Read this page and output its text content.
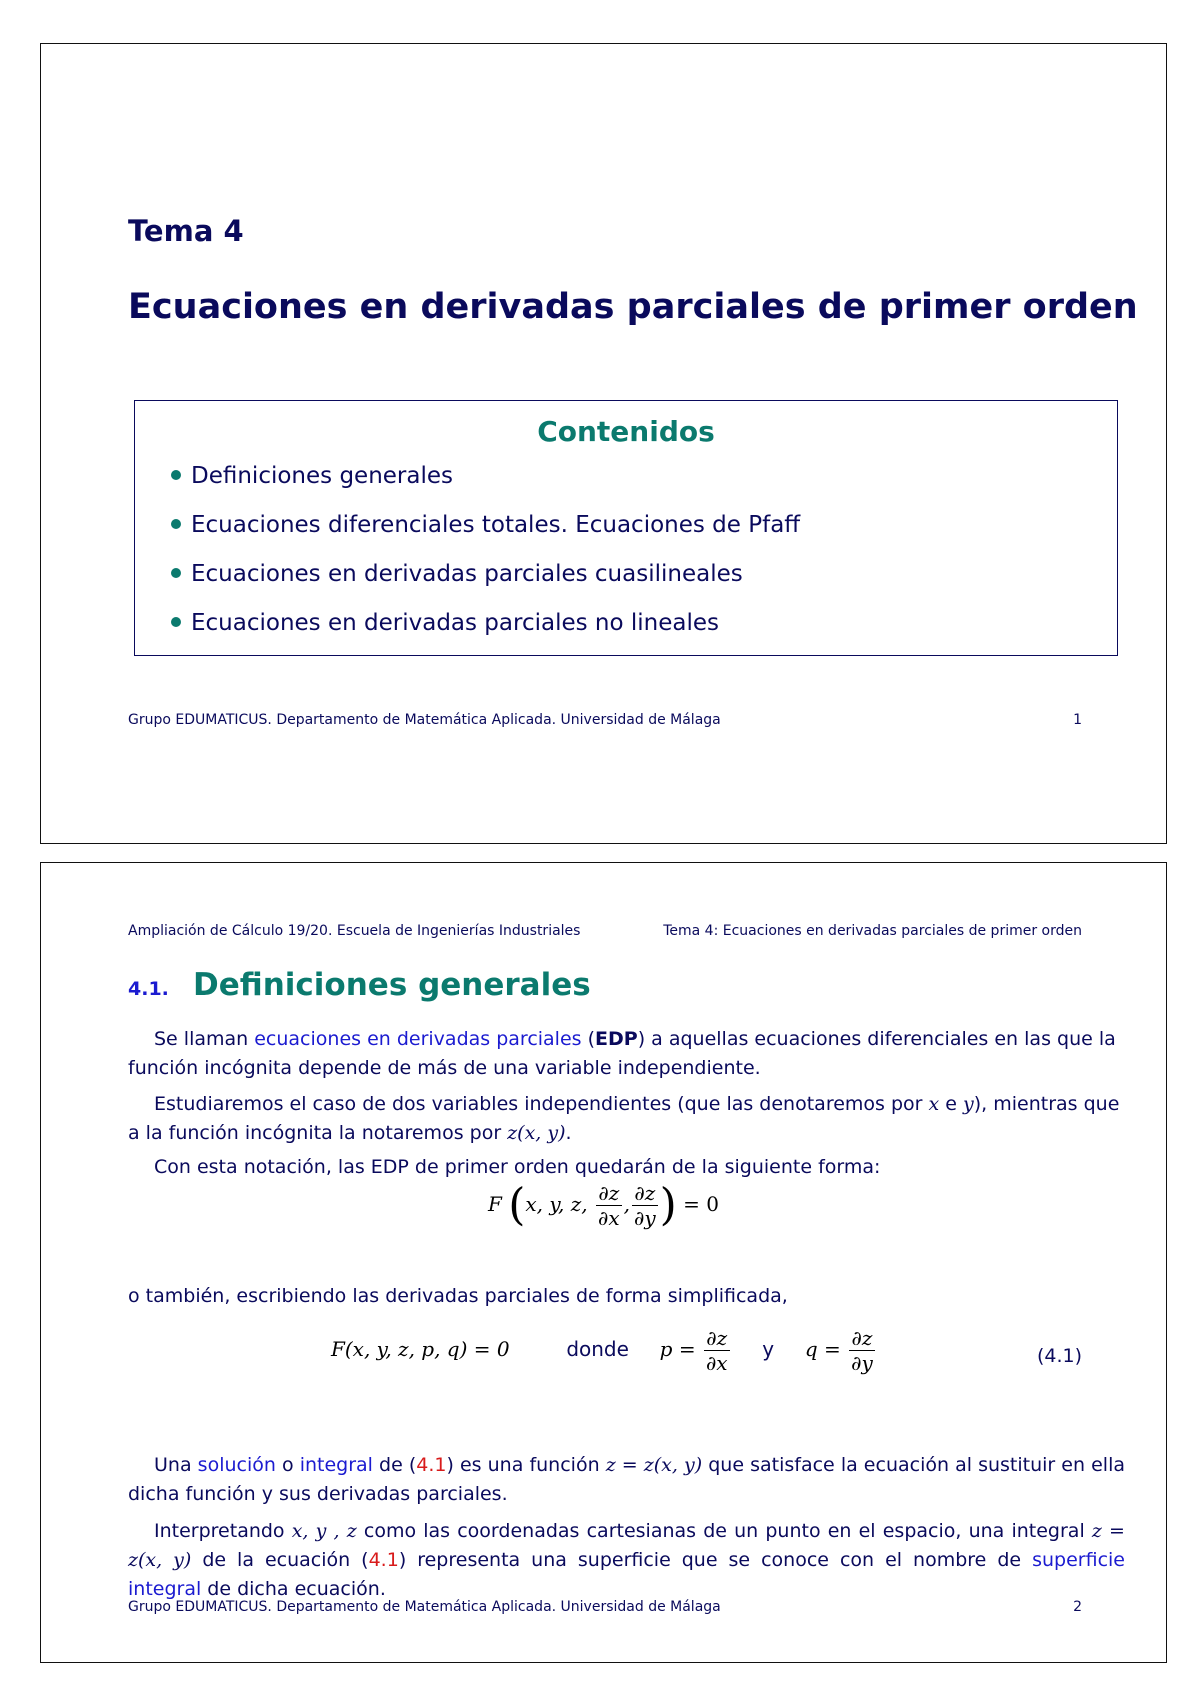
Tema 4
Ecuaciones en derivadas parciales de primer orden
Contenidos
Definiciones generales
Ecuaciones diferenciales totales. Ecuaciones de Pfaff
Ecuaciones en derivadas parciales cuasilineales
Ecuaciones en derivadas parciales no lineales
Grupo EDUMATICUS. Departamento de Matemática Aplicada. Universidad de Málaga	1
Ampliación de Cálculo 19/20. Escuela de Ingenierías Industriales	Tema 4: Ecuaciones en derivadas parciales de primer orden
4.1. Definiciones generales

Se llaman ecuaciones en derivadas parciales (EDP) a aquellas ecuaciones diferenciales en las que la función incógnita depende de más de una variable independiente.

Estudiaremos el caso de dos variables independientes (que las denotaremos por x e y), mientras que a la función incógnita la notaremos por z(x, y).

Con esta notación, las EDP de primer orden quedarán de la siguiente forma:

F (x, y, z, $\frac{\partial z}{\partial x}$ , $\frac{\partial z}{\partial y}$ ) = 0

o también, escribiendo las derivadas parciales de forma simplificada,

F(x, y, z, p, q) = 0	donde $p = \frac{\partial z}{\partial x}$ y $q = \frac{\partial z}{\partial y}$	(4.1)

Una solución o integral de (4.1) es una función z = z(x, y) que satisface la ecuación al sustituir en ella dicha función y sus derivadas parciales.

Interpretando x, y , z como las coordenadas cartesianas de un punto en el espacio, una integral z = z(x, y) de la ecuación (4.1) representa una superficie que se conoce con el nombre de superficie integral de dicha ecuación.

Grupo EDUMATICUS. Departamento de Matemática Aplicada. Universidad de Málaga	2
